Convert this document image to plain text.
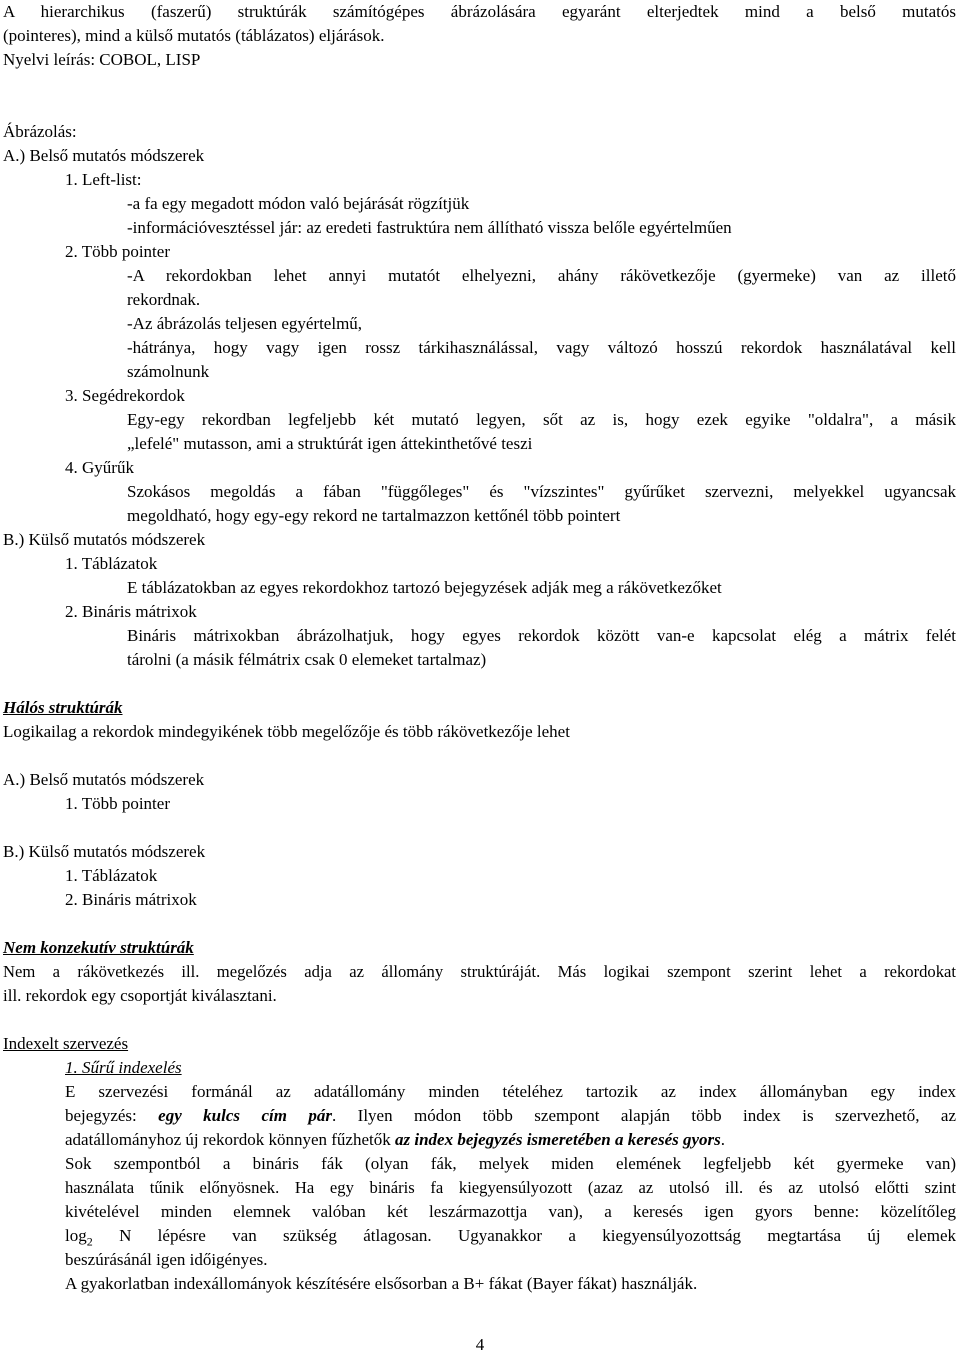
A hierarchikus (faszerű) struktúrák számítógépes ábrázolására egyaránt elterjedtek mind a belső mutatós

(pointeres), mind a külső mutatós (táblázatos) eljárások.

Nyelvi leírás: COBOL, LISP

Ábrázolás:

A.) Belső mutatós módszerek

1. Left-list:

-a fa egy megadott módon való bejárását rögzítjük

-információvesztéssel jár: az eredeti fastruktúra nem állítható vissza belőle egyértelműen

2. Több pointer

-A rekordokban lehet annyi mutatót elhelyezni, ahány rákövetkezője (gyermeke) van az illető

rekordnak.

-Az ábrázolás teljesen egyértelmű,

-hátránya, hogy vagy igen rossz tárkihasználással, vagy változó hosszú rekordok használatával kell

számolnunk

3. Segédrekordok

Egy-egy rekordban legfeljebb két mutató legyen, sőt az is, hogy ezek egyike "oldalra", a másik

„lefelé" mutasson, ami a struktúrát igen áttekinthetővé teszi

4. Gyűrűk

Szokásos megoldás a fában "függőleges" és "vízszintes" gyűrűket szervezni, melyekkel ugyancsak

megoldható, hogy egy-egy rekord ne tartalmazzon kettőnél több pointert

B.) Külső mutatós módszerek

1. Táblázatok

E táblázatokban az egyes rekordokhoz tartozó bejegyzések adják meg a rákövetkezőket

2. Bináris mátrixok

Bináris mátrixokban ábrázolhatjuk, hogy egyes rekordok között van-e kapcsolat elég a mátrix felét

tárolni (a másik félmátrix csak 0 elemeket tartalmaz)

Hálós struktúrák

Logikailag a rekordok mindegyikének több megelőzője és több rákövetkezője lehet

A.) Belső mutatós módszerek

1. Több pointer

B.) Külső mutatós módszerek

1. Táblázatok

2. Bináris mátrixok

Nem konzekutív struktúrák

Nem a rákövetkezés ill. megelőzés adja az állomány struktúráját. Más logikai szempont szerint lehet a rekordokat

ill. rekordok egy csoportját kiválasztani.

Indexelt szervezés

1. Sűrű indexelés

E szervezési formánál az adatállomány minden tételéhez tartozik az index állományban egy index

bejegyzés: egy kulcs cím pár. Ilyen módon több szempont alapján több index is szervezhető, az

adatállományhoz új rekordok könnyen fűzhetők az index bejegyzés ismeretében a keresés gyors.

Sok szempontból a bináris fák (olyan fák, melyek miden elemének legfeljebb két gyermeke van)

használata tűnik előnyösnek. Ha egy bináris fa kiegyensúlyozott (azaz az utolsó ill. és az utolsó előtti szint

kivételével minden elemnek valóban két leszármazottja van), a keresés igen gyors benne: közelítőleg

$\log_2 N$ lépésre van szükség átlagosan. Ugyanakkor a kiegyensúlyozottság megtartása új elemek

beszúrásánál igen időigényes.

A gyakorlatban indexállományok készítésére elsősorban a B+ fákat (Bayer fákat) használják.

4
